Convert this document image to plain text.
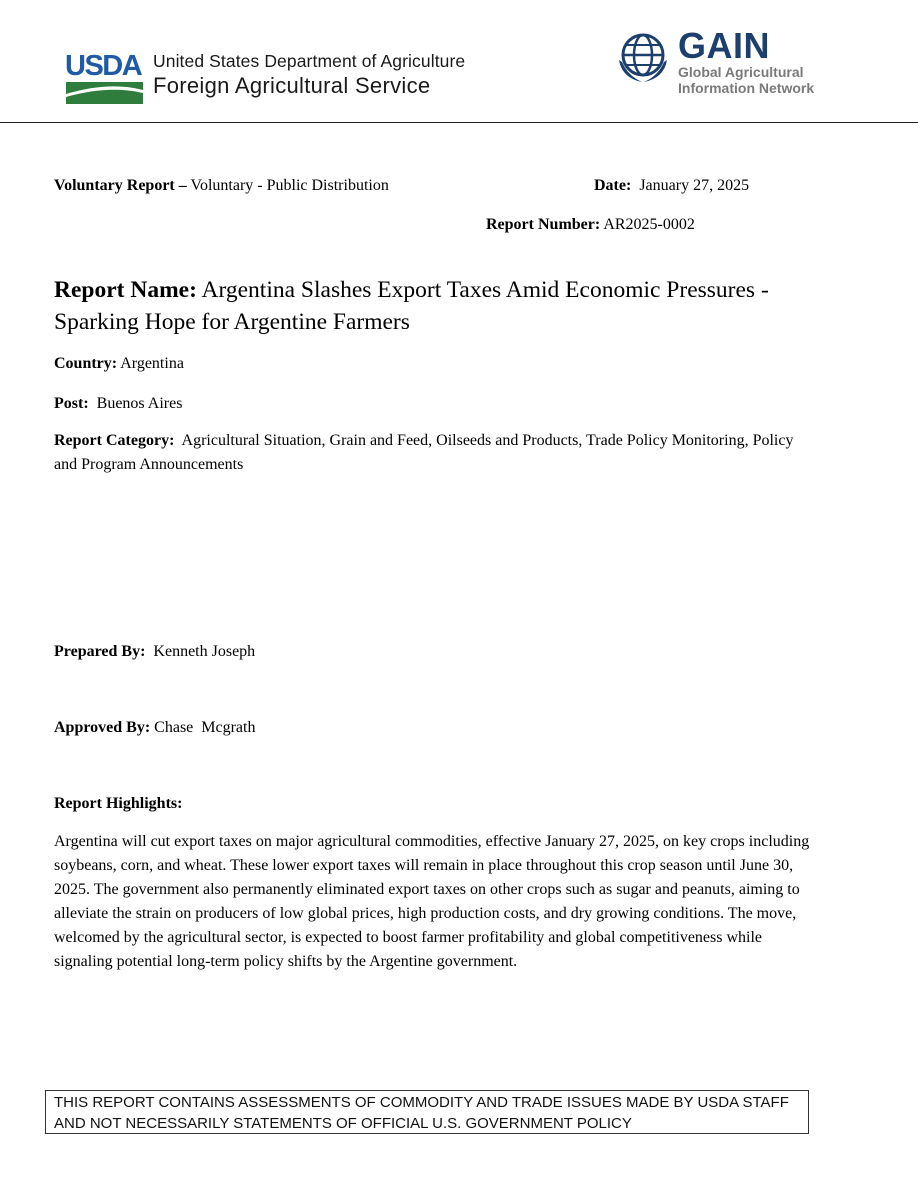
USDA United States Department of Agriculture
Foreign Agricultural Service
GAIN
Global Agricultural
Information Network
Voluntary Report – Voluntary - Public Distribution	Date: January 27, 2025
Report Number: AR2025-0002
Report Name: Argentina Slashes Export Taxes Amid Economic Pressures - Sparking Hope for Argentine Farmers
Country: Argentina
Post: Buenos Aires
Report Category: Agricultural Situation, Grain and Feed, Oilseeds and Products, Trade Policy Monitoring, Policy and Program Announcements
Prepared By: Kenneth Joseph
Approved By: Chase  Mcgrath
Report Highlights:
Argentina will cut export taxes on major agricultural commodities, effective January 27, 2025, on key crops including soybeans, corn, and wheat. These lower export taxes will remain in place throughout this crop season until June 30, 2025. The government also permanently eliminated export taxes on other crops such as sugar and peanuts, aiming to alleviate the strain on producers of low global prices, high production costs, and dry growing conditions. The move, welcomed by the agricultural sector, is expected to boost farmer profitability and global competitiveness while signaling potential long-term policy shifts by the Argentine government.
THIS REPORT CONTAINS ASSESSMENTS OF COMMODITY AND TRADE ISSUES MADE BY USDA STAFF AND NOT NECESSARILY STATEMENTS OF OFFICIAL U.S. GOVERNMENT POLICY
